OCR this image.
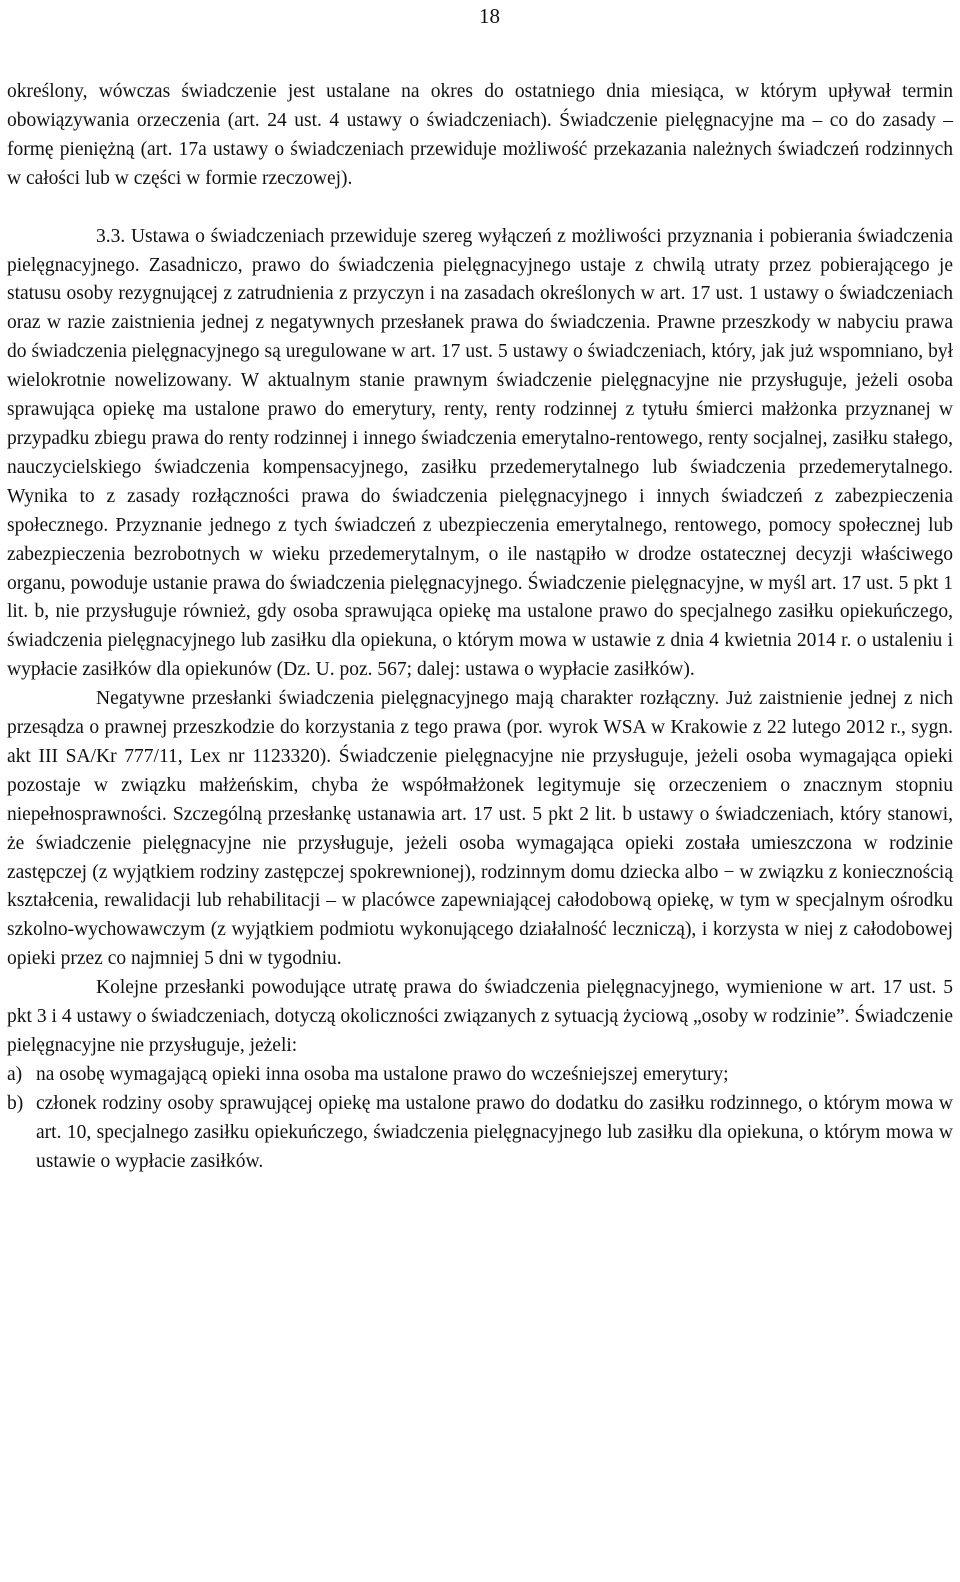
18

określony, wówczas świadczenie jest ustalane na okres do ostatniego dnia miesiąca, w którym upływał termin obowiązywania orzeczenia (art. 24 ust. 4 ustawy o świadczeniach). Świadczenie pielęgnacyjne ma – co do zasady – formę pieniężną (art. 17a ustawy o świadczeniach przewiduje możliwość przekazania należnych świadczeń rodzinnych w całości lub w części w formie rzeczowej).

3.3. Ustawa o świadczeniach przewiduje szereg wyłączeń z możliwości przyznania i pobierania świadczenia pielęgnacyjnego. Zasadniczo, prawo do świadczenia pielęgnacyjnego ustaje z chwilą utraty przez pobierającego je statusu osoby rezygnującej z zatrudnienia z przyczyn i na zasadach określonych w art. 17 ust. 1 ustawy o świadczeniach oraz w razie zaistnienia jednej z negatywnych przesłanek prawa do świadczenia. Prawne przeszkody w nabyciu prawa do świadczenia pielęgnacyjnego są uregulowane w art. 17 ust. 5 ustawy o świadczeniach, który, jak już wspomniano, był wielokrotnie nowelizowany. W aktualnym stanie prawnym świadczenie pielęgnacyjne nie przysługuje, jeżeli osoba sprawująca opiekę ma ustalone prawo do emerytury, renty, renty rodzinnej z tytułu śmierci małżonka przyznanej w przypadku zbiegu prawa do renty rodzinnej i innego świadczenia emerytalno-rentowego, renty socjalnej, zasiłku stałego, nauczycielskiego świadczenia kompensacyjnego, zasiłku przedemerytalnego lub świadczenia przedemerytalnego. Wynika to z zasady rozłączności prawa do świadczenia pielęgnacyjnego i innych świadczeń z zabezpieczenia społecznego. Przyznanie jednego z tych świadczeń z ubezpieczenia emerytalnego, rentowego, pomocy społecznej lub zabezpieczenia bezrobotnych w wieku przedemerytalnym, o ile nastąpiło w drodze ostatecznej decyzji właściwego organu, powoduje ustanie prawa do świadczenia pielęgnacyjnego. Świadczenie pielęgnacyjne, w myśl art. 17 ust. 5 pkt 1 lit. b, nie przysługuje również, gdy osoba sprawująca opiekę ma ustalone prawo do specjalnego zasiłku opiekuńczego, świadczenia pielęgnacyjnego lub zasiłku dla opiekuna, o którym mowa w ustawie z dnia 4 kwietnia 2014 r. o ustaleniu i wypłacie zasiłków dla opiekunów (Dz. U. poz. 567; dalej: ustawa o wypłacie zasiłków).

Negatywne przesłanki świadczenia pielęgnacyjnego mają charakter rozłączny. Już zaistnienie jednej z nich przesądza o prawnej przeszkodzie do korzystania z tego prawa (por. wyrok WSA w Krakowie z 22 lutego 2012 r., sygn. akt III SA/Kr 777/11, Lex nr 1123320). Świadczenie pielęgnacyjne nie przysługuje, jeżeli osoba wymagająca opieki pozostaje w związku małżeńskim, chyba że współmałżonek legitymuje się orzeczeniem o znacznym stopniu niepełnosprawności. Szczególną przesłankę ustanawia art. 17 ust. 5 pkt 2 lit. b ustawy o świadczeniach, który stanowi, że świadczenie pielęgnacyjne nie przysługuje, jeżeli osoba wymagająca opieki została umieszczona w rodzinie zastępczej (z wyjątkiem rodziny zastępczej spokrewnionej), rodzinnym domu dziecka albo − w związku z koniecznością kształcenia, rewalidacji lub rehabilitacji – w placówce zapewniającej całodobową opiekę, w tym w specjalnym ośrodku szkolno-wychowawczym (z wyjątkiem podmiotu wykonującego działalność leczniczą), i korzysta w niej z całodobowej opieki przez co najmniej 5 dni w tygodniu.

Kolejne przesłanki powodujące utratę prawa do świadczenia pielęgnacyjnego, wymienione w art. 17 ust. 5 pkt 3 i 4 ustawy o świadczeniach, dotyczą okoliczności związanych z sytuacją życiową „osoby w rodzinie”. Świadczenie pielęgnacyjne nie przysługuje, jeżeli:

a) na osobę wymagającą opieki inna osoba ma ustalone prawo do wcześniejszej emerytury;
b) członek rodziny osoby sprawującej opiekę ma ustalone prawo do dodatku do zasiłku rodzinnego, o którym mowa w art. 10, specjalnego zasiłku opiekuńczego, świadczenia pielęgnacyjnego lub zasiłku dla opiekuna, o którym mowa w ustawie o wypłacie zasiłków.
